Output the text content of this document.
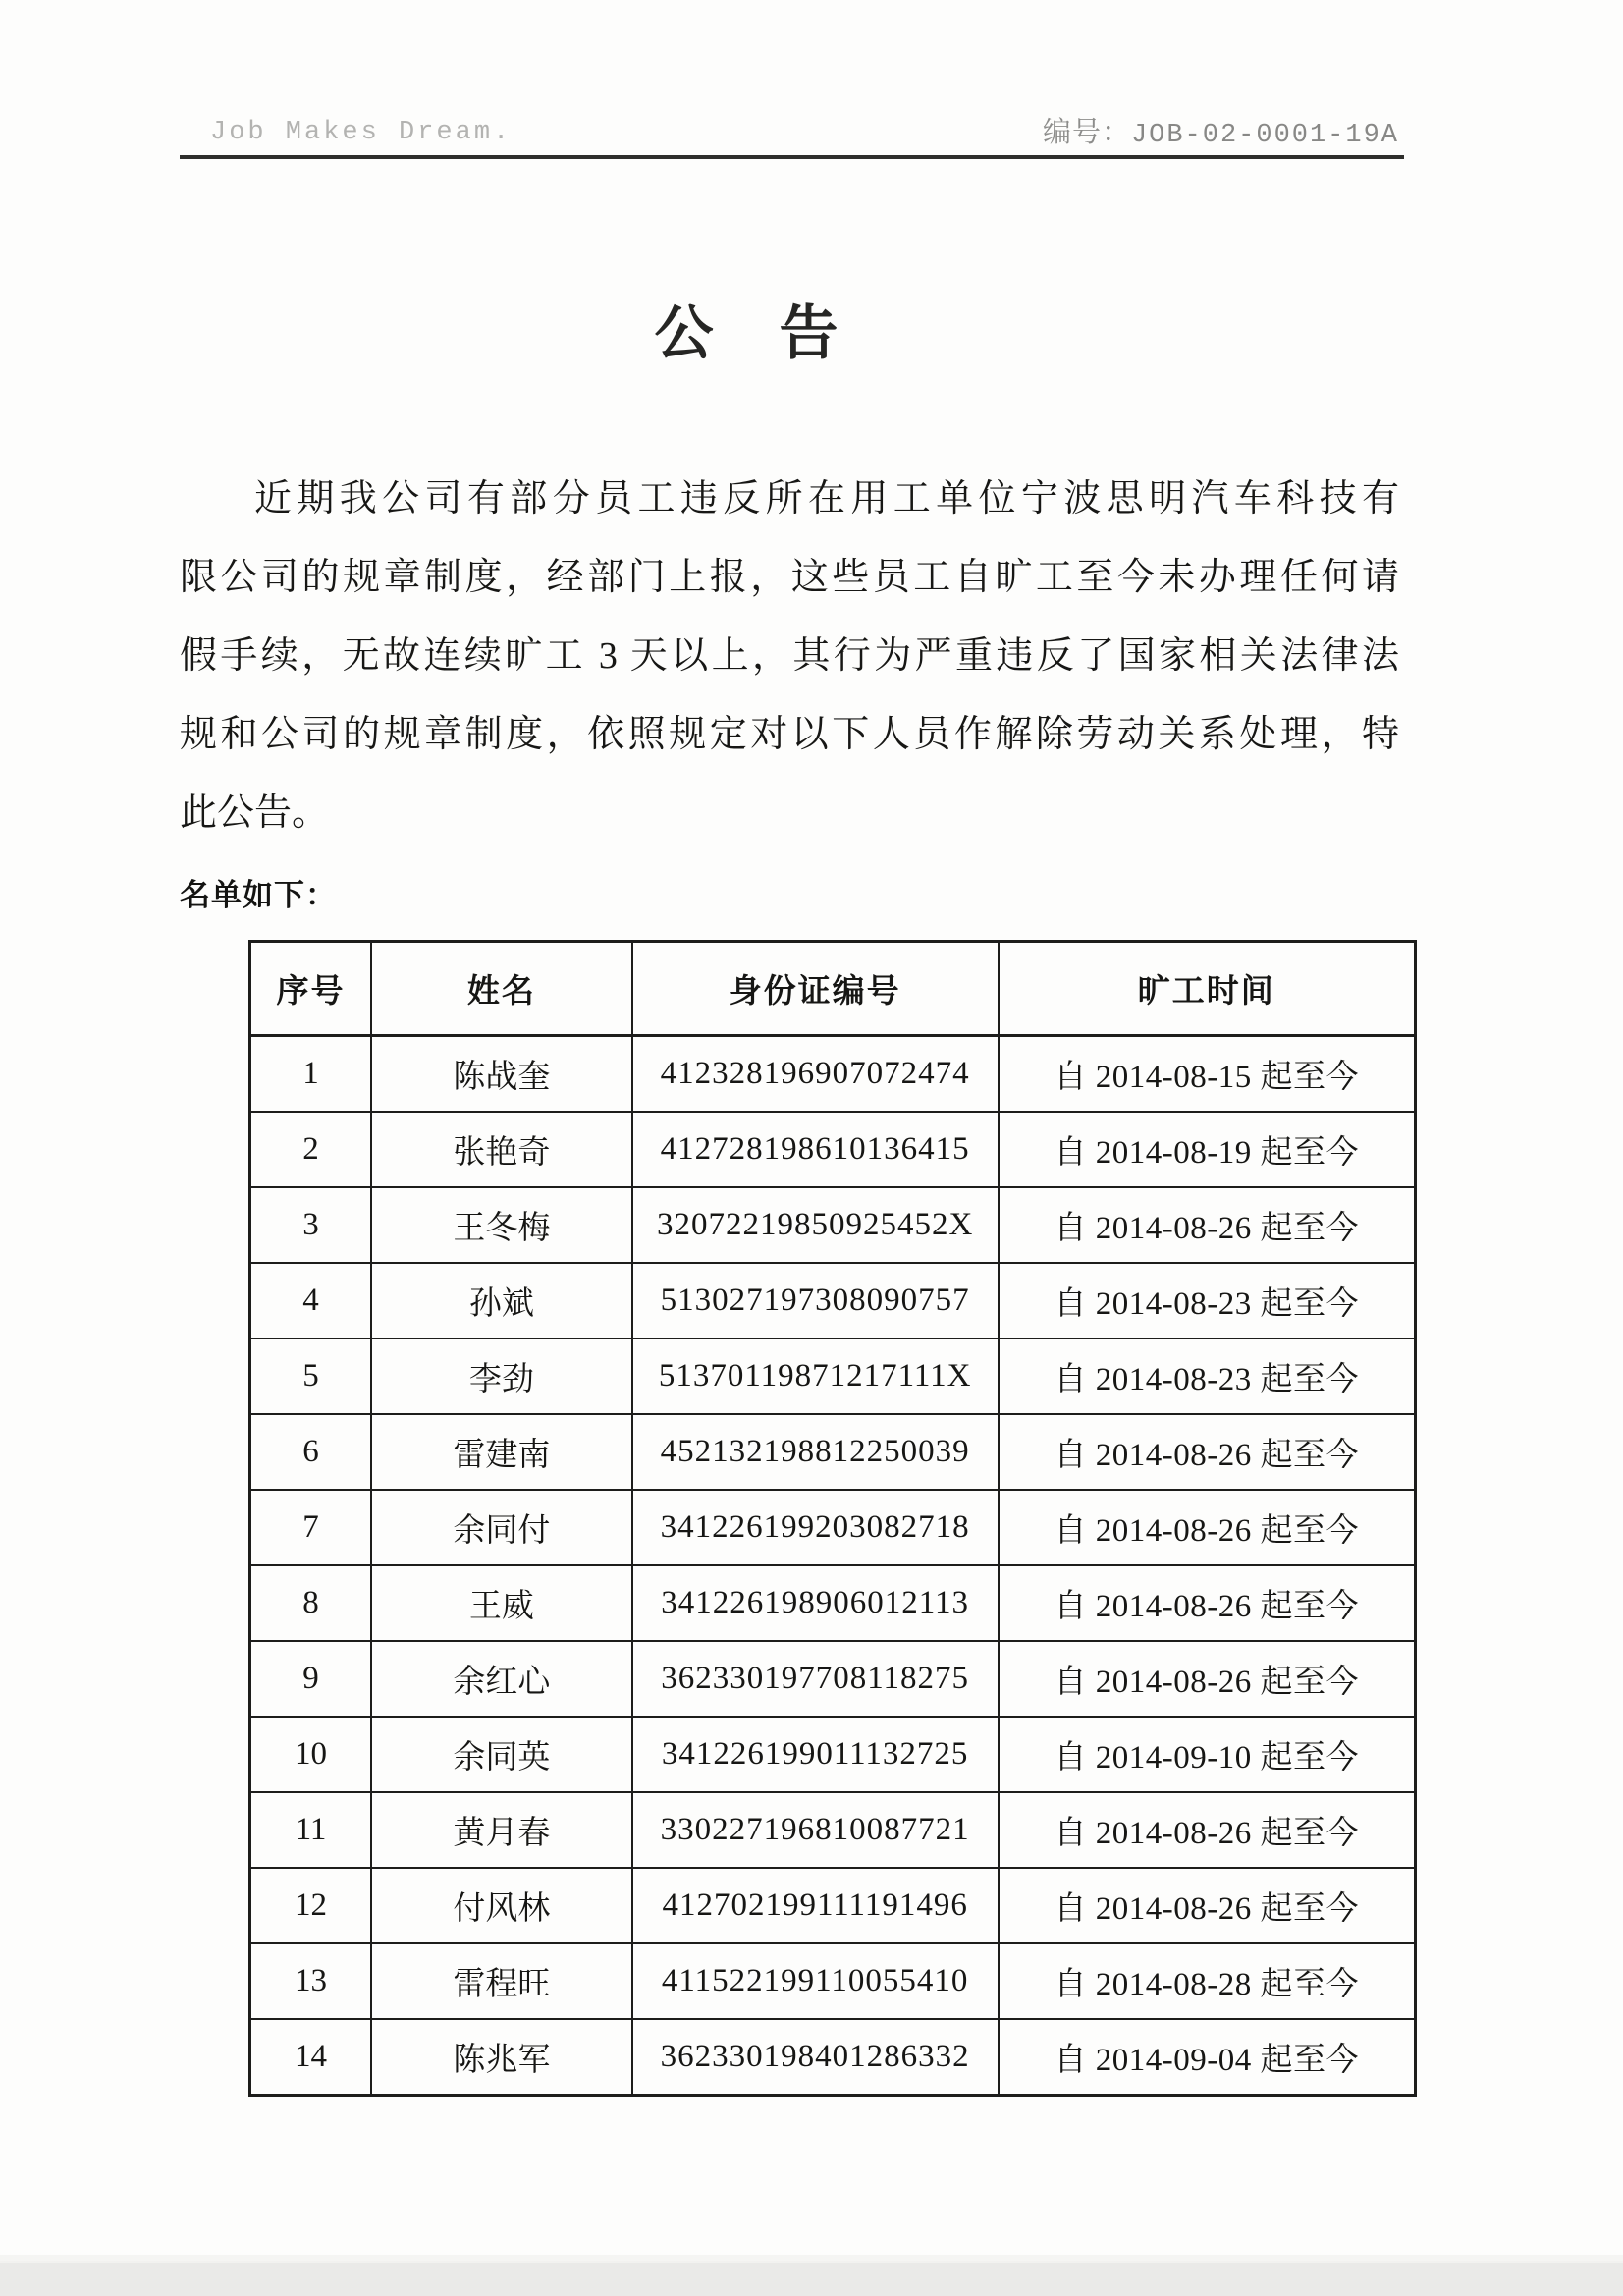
Job Makes Dream.	编号：JOB-02-0001-19A
公 告
近期我公司有部分员工违反所在用工单位宁波思明汽车科技有
限公司的规章制度，经部门上报，这些员工自旷工至今未办理任何请
假手续，无故连续旷工 3 天以上，其行为严重违反了国家相关法律法
规和公司的规章制度，依照规定对以下人员作解除劳动关系处理，特
此公告。
名单如下：
序号	姓名	身份证编号	旷工时间
1	陈战奎	412328196907072474	自 2014-08-15 起至今
2	张艳奇	412728198610136415	自 2014-08-19 起至今
3	王冬梅	32072219850925452X	自 2014-08-26 起至今
4	孙斌	513027197308090757	自 2014-08-23 起至今
5	李劲	51370119871217111X	自 2014-08-23 起至今
6	雷建南	452132198812250039	自 2014-08-26 起至今
7	余同付	341226199203082718	自 2014-08-26 起至今
8	王威	341226198906012113	自 2014-08-26 起至今
9	余红心	362330197708118275	自 2014-08-26 起至今
10	余同英	341226199011132725	自 2014-09-10 起至今
11	黄月春	330227196810087721	自 2014-08-26 起至今
12	付风林	412702199111191496	自 2014-08-26 起至今
13	雷程旺	411522199110055410	自 2014-08-28 起至今
14	陈兆军	362330198401286332	自 2014-09-04 起至今
